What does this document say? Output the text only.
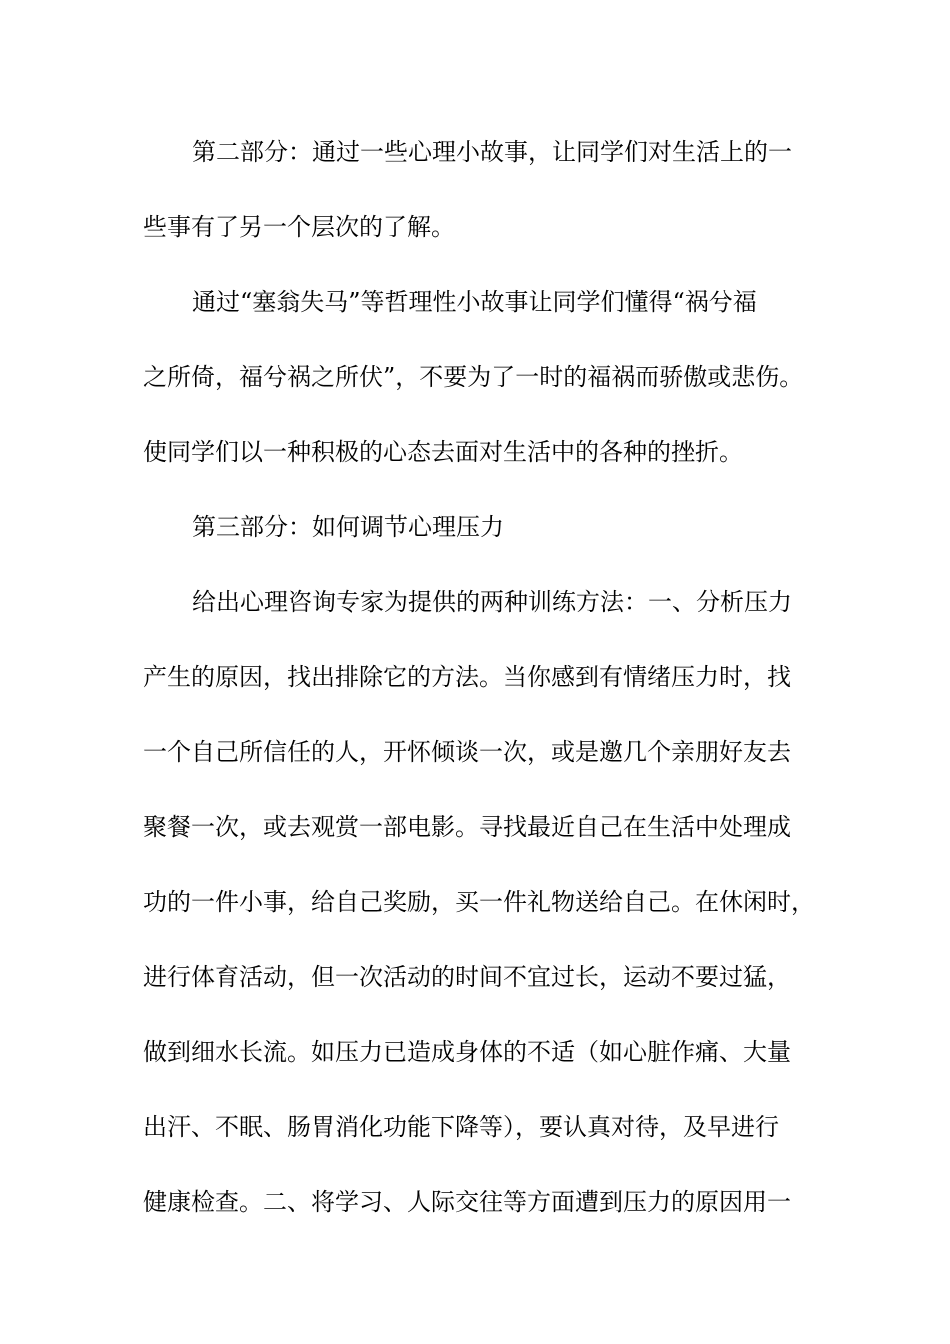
第二部分：通过一些心理小故事，让同学们对生活上的一
些事有了另一个层次的了解。
通过“塞翁失马”等哲理性小故事让同学们懂得“祸兮福
之所倚，福兮祸之所伏”，不要为了一时的福祸而骄傲或悲伤。
使同学们以一种积极的心态去面对生活中的各种的挫折。
第三部分：如何调节心理压力
给出心理咨询专家为提供的两种训练方法：一、分析压力
产生的原因，找出排除它的方法。当你感到有情绪压力时，找
一个自己所信任的人，开怀倾谈一次，或是邀几个亲朋好友去
聚餐一次，或去观赏一部电影。寻找最近自己在生活中处理成
功的一件小事，给自己奖励，买一件礼物送给自己。在休闲时，
进行体育活动，但一次活动的时间不宜过长，运动不要过猛，
做到细水长流。如压力已造成身体的不适（如心脏作痛、大量
出汗、不眠、肠胃消化功能下降等），要认真对待，及早进行
健康检查。二、将学习、人际交往等方面遭到压力的原因用一
